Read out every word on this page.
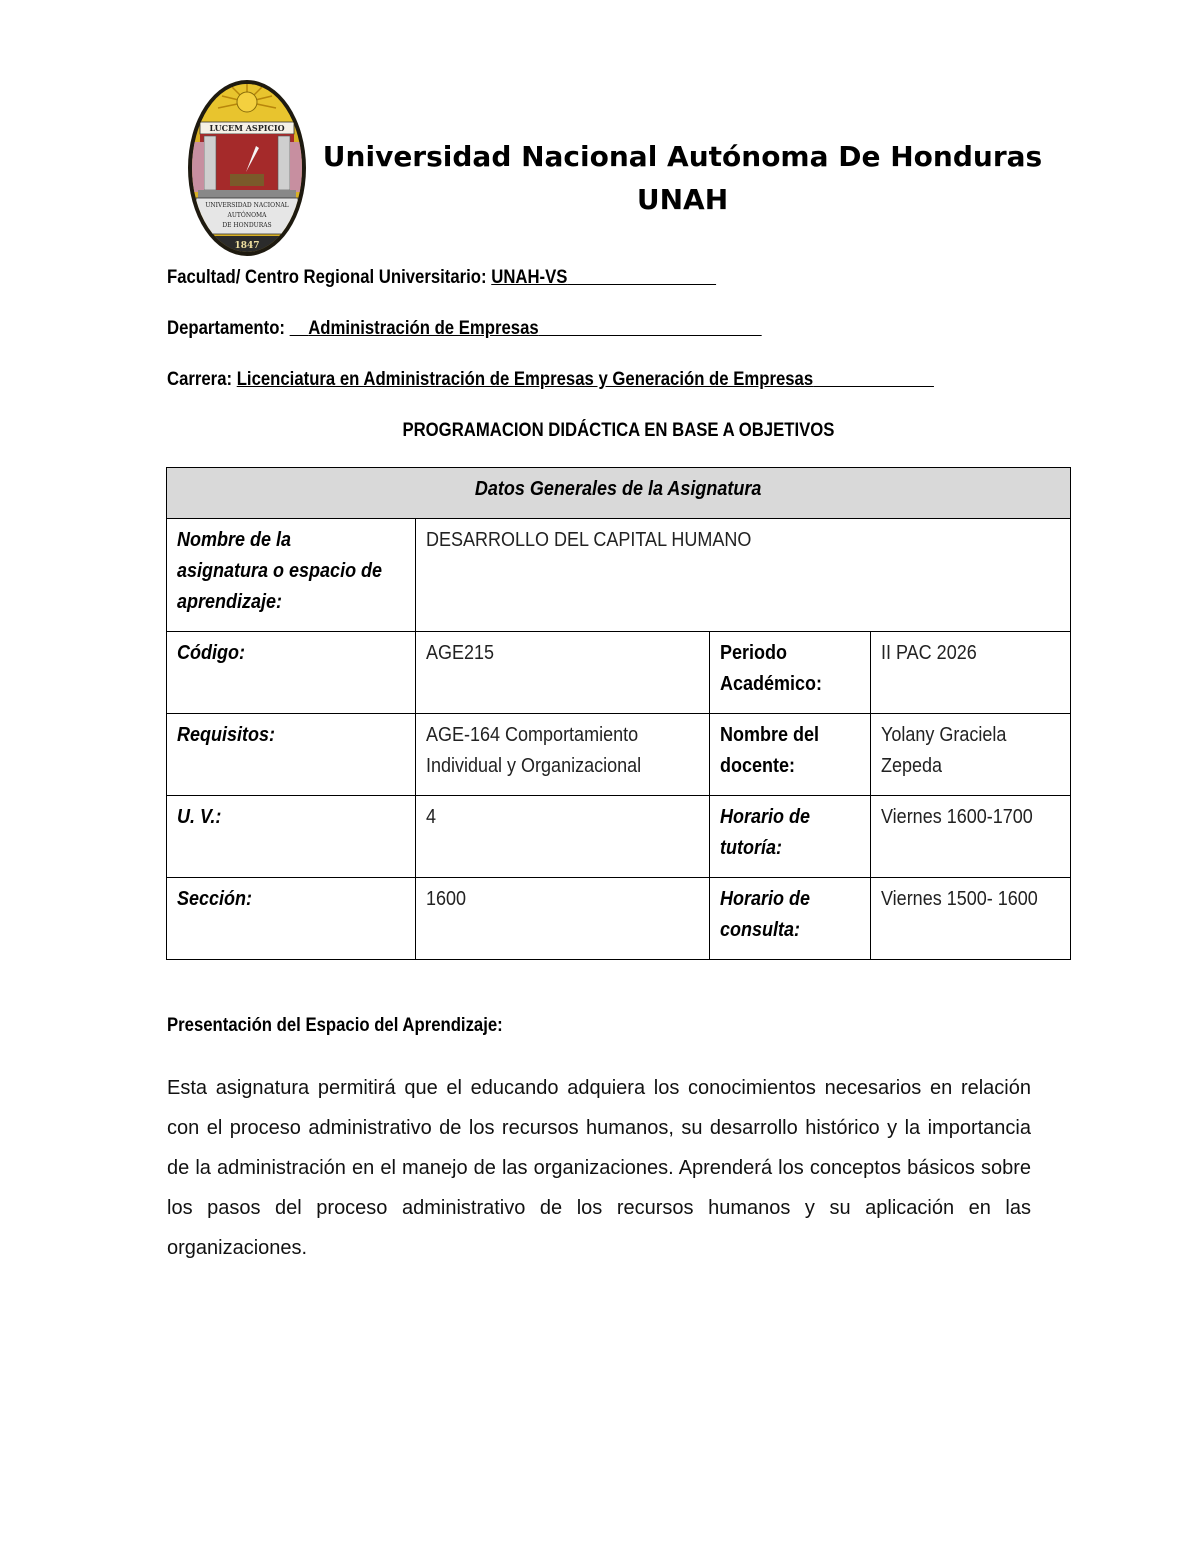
LUCEM ASPICIO
UNIVERSIDAD NACIONAL
AUTÓNOMA
DE HONDURAS
1847
Universidad Nacional Autónoma De Honduras
UNAH
Facultad/ Centro Regional Universitario: UNAH-VS
Departamento: Administración de Empresas
Carrera: Licenciatura en Administración de Empresas y Generación de Empresas
PROGRAMACION DIDÁCTICA EN BASE A OBJETIVOS
Datos Generales de la Asignatura			
Nombre de la asignatura o espacio de aprendizaje:	DESARROLLO DEL CAPITAL HUMANO		
Código:	AGE215	Periodo Académico:	II PAC 2026
Requisitos:	AGE-164 Comportamiento Individual y Organizacional	Nombre del docente:	Yolany Graciela Zepeda
U. V.:	4	Horario de tutoría:	Viernes 1600-1700
Sección:	1600	Horario de consulta:	Viernes 1500- 1600
Presentación del Espacio del Aprendizaje:
Esta asignatura permitirá que el educando adquiera los conocimientos necesarios en relación con el proceso administrativo de los recursos humanos, su desarrollo histórico y la importancia de la administración en el manejo de las organizaciones. Aprenderá los conceptos básicos sobre los pasos del proceso administrativo de los recursos humanos y su aplicación en las organizaciones.
